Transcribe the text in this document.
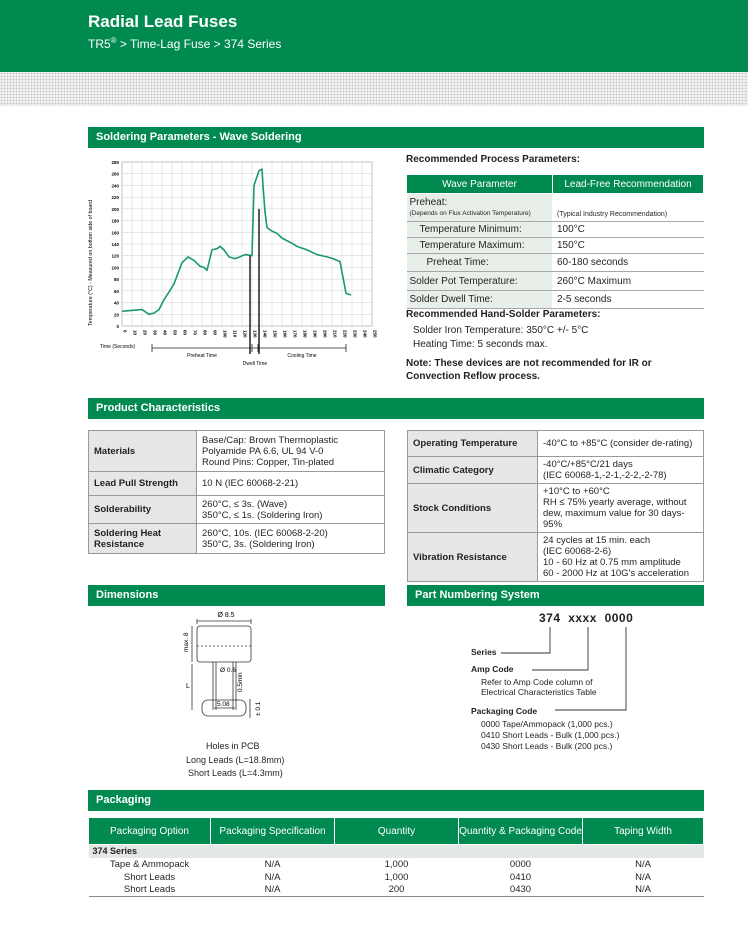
Radial Lead Fuses
TR5® > Time-Lag Fuse > 374 Series
Soldering Parameters - Wave Soldering
0
20
40
60
80
100
120
140
160
180
200
220
240
260
280
0 10 20 30 40 50 60 70 80 90 100 110 120 130 140 150 160 170 180 190 200 210 220 230 240 250
Temperature (°C) - Measured on bottom side of board
Time (Seconds)
Preheat Time
Dwell Time
Cooling Time
Recommended Process Parameters:
Wave Parameter	Lead-Free Recommendation

Preheat:
(Depends on Flux Activation Temperature)	(Typical Industry Recommendation)
Temperature Minimum:	100°C
Temperature Maximum:	150°C
Preheat Time:	60-180 seconds
Solder Pot Temperature:	260°C Maximum
Solder Dwell Time:	2-5 seconds
Recommended Hand-Solder Parameters:
Solder Iron Temperature: 350°C +/- 5°C
Heating Time: 5 seconds max.
Note: These devices are not recommended for IR or Convection Reflow process.
Product Characteristics
Materials	Base/Cap: Brown Thermoplastic
Polyamide PA 6.6, UL 94 V-0
Round Pins: Copper, Tin-plated

Lead Pull Strength	10 N (IEC 60068-2-21)
Solderability	260°C, ≤ 3s. (Wave)
350°C, ≤ 1s. (Soldering Iron)

Soldering Heat Resistance	260°C, 10s. (IEC 60068-2-20)
350°C, 3s. (Soldering Iron)
Operating Temperature	-40°C to +85°C (consider de-rating)
Climatic Category	-40°C/+85°C/21 days
(IEC 60068-1,-2-1,-2-2,-2-78)

Stock Conditions	+10°C to +60°C
RH ≤ 75% yearly average, without
dew, maximum value for 30 days-
95%

Vibration Resistance	24 cycles at 15 min. each
(IEC 60068-2-6)
10 - 60 Hz at 0.75 mm amplitude
60 - 2000 Hz at 10G's acceleration
Dimensions
Ø 8.5
max. 8
Ø 0.6
0.5min
L
5.08	± 0.1
Holes in PCB
Long Leads (L=18.8mm)
Short Leads (L=4.3mm)
Part Numbering System
374 xxxx 0000
Series
Amp Code
Refer to Amp Code column of
Electrical Characteristics Table
Packaging Code
0000 Tape/Ammopack (1,000 pcs.)
0410 Short Leads - Bulk (1,000 pcs.)
0430 Short Leads - Bulk (200 pcs.)
Packaging
Packaging Option	Packaging Specification	Quantity	Quantity & Packaging Code	Taping Width
374 Series				
Tape & Ammopack	N/A	1,000	0000	N/A
Short Leads	N/A	1,000	0410	N/A
Short Leads	N/A	200	0430	N/A
